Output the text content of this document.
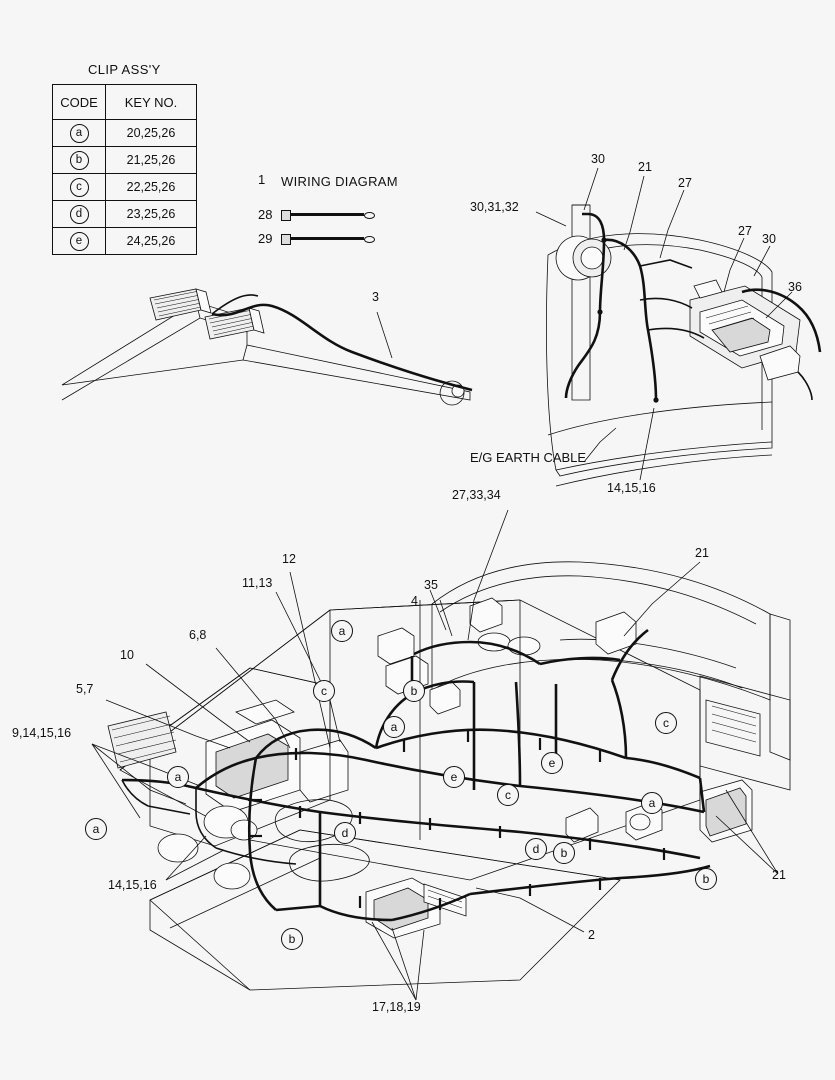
CLIP ASS'Y
CODE	KEY NO.
a	20,25,26
b	21,25,26
c	22,25,26
d	23,25,26
e	24,25,26
1 WIRING DIAGRAM
28
29
3
30
21
27
30,31,32
27
30
36
E/G EARTH CABLE
14,15,16
27,33,34
12	21
11,13	35
4
6,8
10
5,7
9,14,15,16
14,15,16
17,18,19
2
21
a
c	b
a
a	e
e
c
c
a
a	d
d	b
b
b
